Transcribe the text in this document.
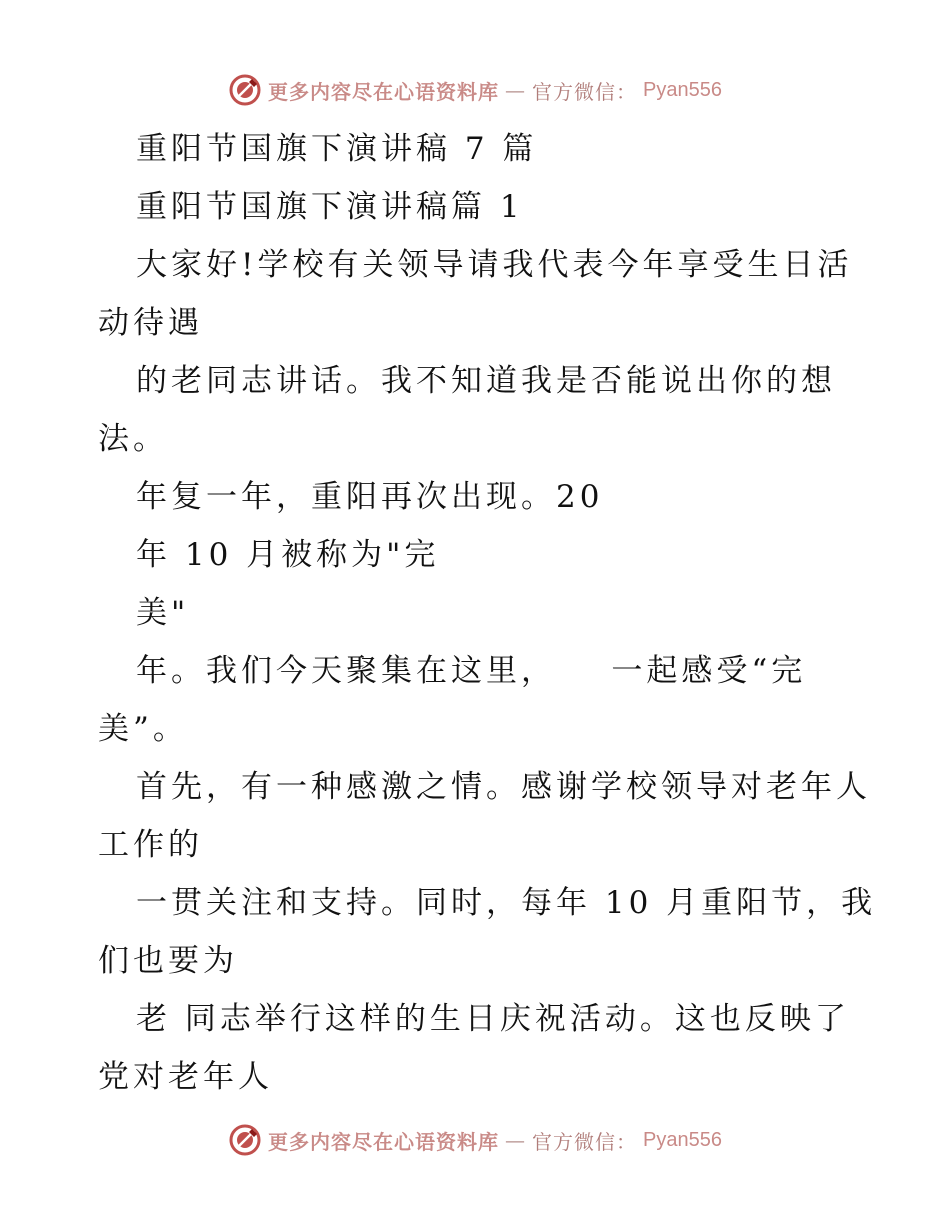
更多内容尽在心语资料库 — 官方微信： Pyan556
重阳节国旗下演讲稿 7 篇
重阳节国旗下演讲稿篇 1
大家好!学校有关领导请我代表今年享受生日活
动待遇
的老同志讲话。我不知道我是否能说出你的想
法。
年复一年，重阳再次出现。20
年 10 月被称为"完
美"
年。我们今天聚集在这里，    一起感受“完
美”。
首先，有一种感激之情。感谢学校领导对老年人
工作的
一贯关注和支持。同时，每年 10 月重阳节，我
们也要为
老 同志举行这样的生日庆祝活动。这也反映了
党对老年人
更多内容尽在心语资料库 — 官方微信： Pyan556
